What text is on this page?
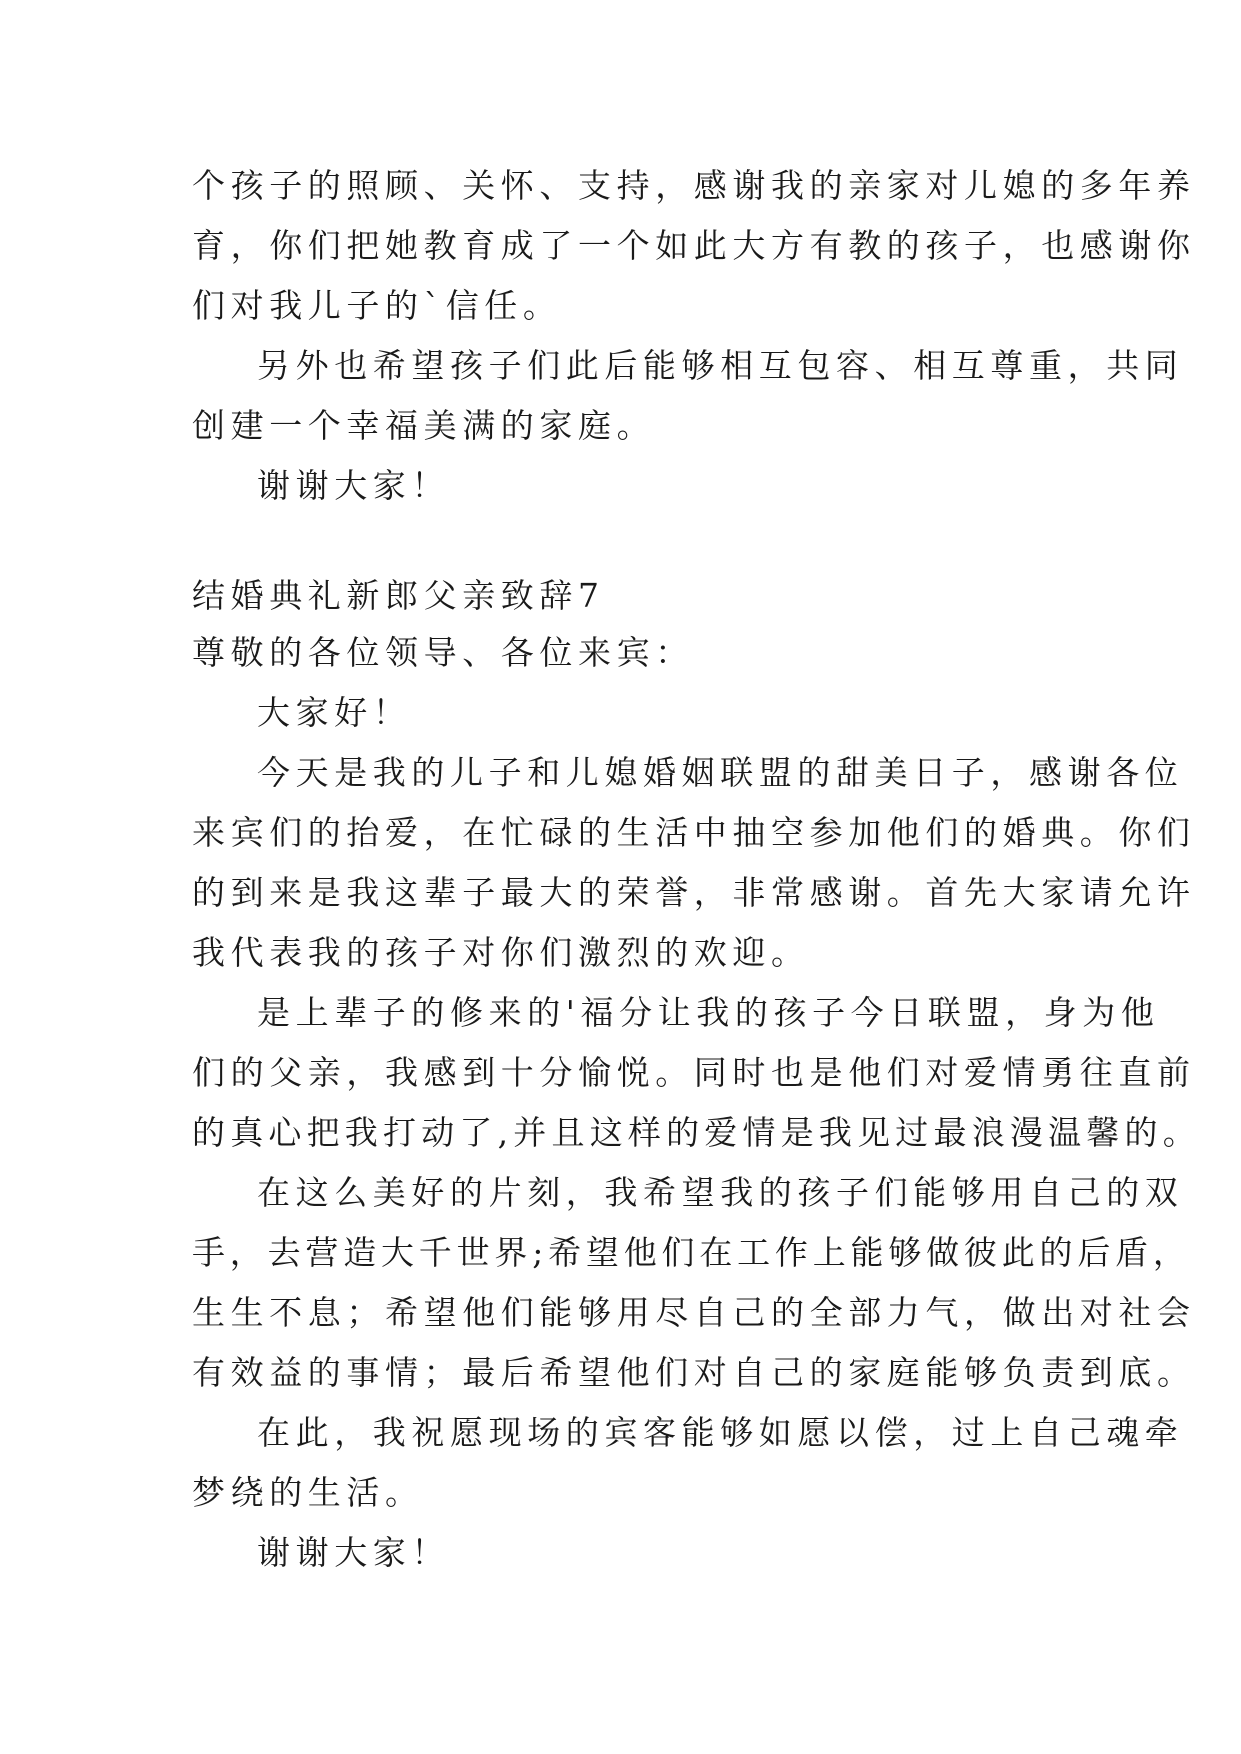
个孩子的照顾、关怀、支持，感谢我的亲家对儿媳的多年养
育，你们把她教育成了一个如此大方有教的孩子，也感谢你
们对我儿子的`信任。
另外也希望孩子们此后能够相互包容、相互尊重，共同
创建一个幸福美满的家庭。
谢谢大家！
结婚典礼新郎父亲致辞7
尊敬的各位领导、各位来宾：
大家好！
今天是我的儿子和儿媳婚姻联盟的甜美日子，感谢各位
来宾们的抬爱，在忙碌的生活中抽空参加他们的婚典。你们
的到来是我这辈子最大的荣誉，非常感谢。首先大家请允许
我代表我的孩子对你们激烈的欢迎。
是上辈子的修来的'福分让我的孩子今日联盟，身为他
们的父亲，我感到十分愉悦。同时也是他们对爱情勇往直前
的真心把我打动了,并且这样的爱情是我见过最浪漫温馨的。
在这么美好的片刻，我希望我的孩子们能够用自己的双
手，去营造大千世界;希望他们在工作上能够做彼此的后盾，
生生不息；希望他们能够用尽自己的全部力气，做出对社会
有效益的事情；最后希望他们对自己的家庭能够负责到底。
在此，我祝愿现场的宾客能够如愿以偿，过上自己魂牵
梦绕的生活。
谢谢大家！
